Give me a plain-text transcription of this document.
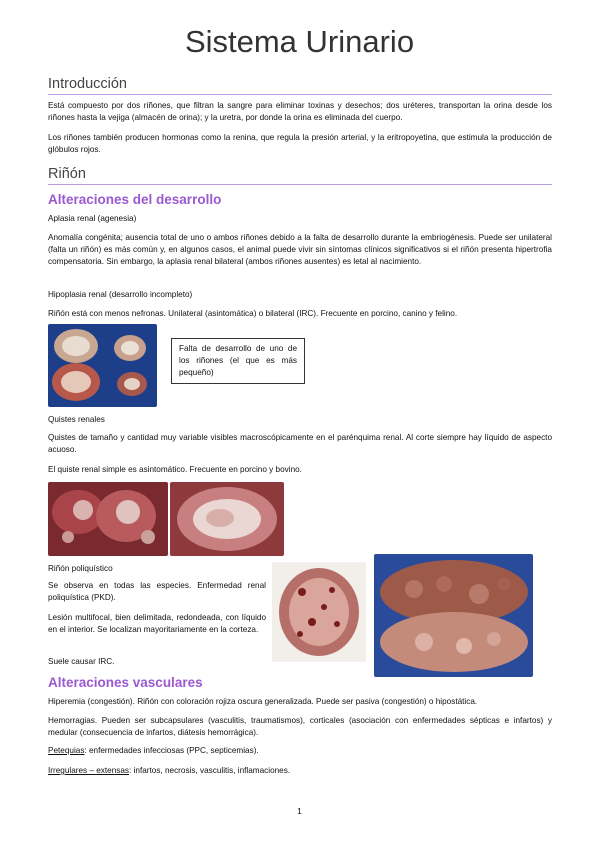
Sistema Urinario
Introducción
Está compuesto por dos riñones, que filtran la sangre para eliminar toxinas y desechos; dos uréteres, transportan la orina desde los riñones hasta la vejiga (almacén de orina); y la uretra, por donde la orina es eliminada del cuerpo.
Los riñones también producen hormonas como la renina, que regula la presión arterial, y la eritropoyetina, que estimula la producción de glóbulos rojos.
Riñón
Alteraciones del desarrollo
Aplasia renal (agenesia)
Anomalía congénita; ausencia total de uno o ambos riñones debido a la falta de desarrollo durante la embriogénesis. Puede ser unilateral (falta un riñón) es más común y, en algunos casos, el animal puede vivir sin síntomas clínicos significativos si el riñón presenta hipertrofia compensatoria. Sin embargo, la aplasia renal bilateral (ambos riñones ausentes) es letal al nacimiento.
Hipoplasia renal (desarrollo incompleto)
Riñón está con menos nefronas. Unilateral (asintomática) o bilateral (IRC). Frecuente en porcino, canino y felino.
Falta de desarrollo de uno de los riñones (el que es más pequeño)
Quistes renales
Quistes de tamaño y cantidad muy variable visibles macroscópicamente en el parénquima renal. Al corte siempre hay líquido de aspecto acuoso.
El quiste renal simple es asintomático. Frecuente en porcino y bovino.
Riñón poliquístico
Se observa en todas las especies. Enfermedad renal poliquística (PKD).
Lesión multifocal, bien delimitada, redondeada, con líquido en el interior. Se localizan mayoritariamente en la corteza.
Suele causar IRC.
Alteraciones vasculares
Hiperemia (congestión). Riñón con coloración rojiza oscura generalizada. Puede ser pasiva (congestión) o hipostática.
Hemorragias. Pueden ser subcapsulares (vasculitis, traumatismos), corticales (asociación con enfermedades sépticas e infartos) y medular (consecuencia de infartos, diátesis hemorrágica).
Petequias: enfermedades infecciosas (PPC, septicemias).
Irregulares – extensas: infartos, necrosis, vasculitis, inflamaciones.
1
